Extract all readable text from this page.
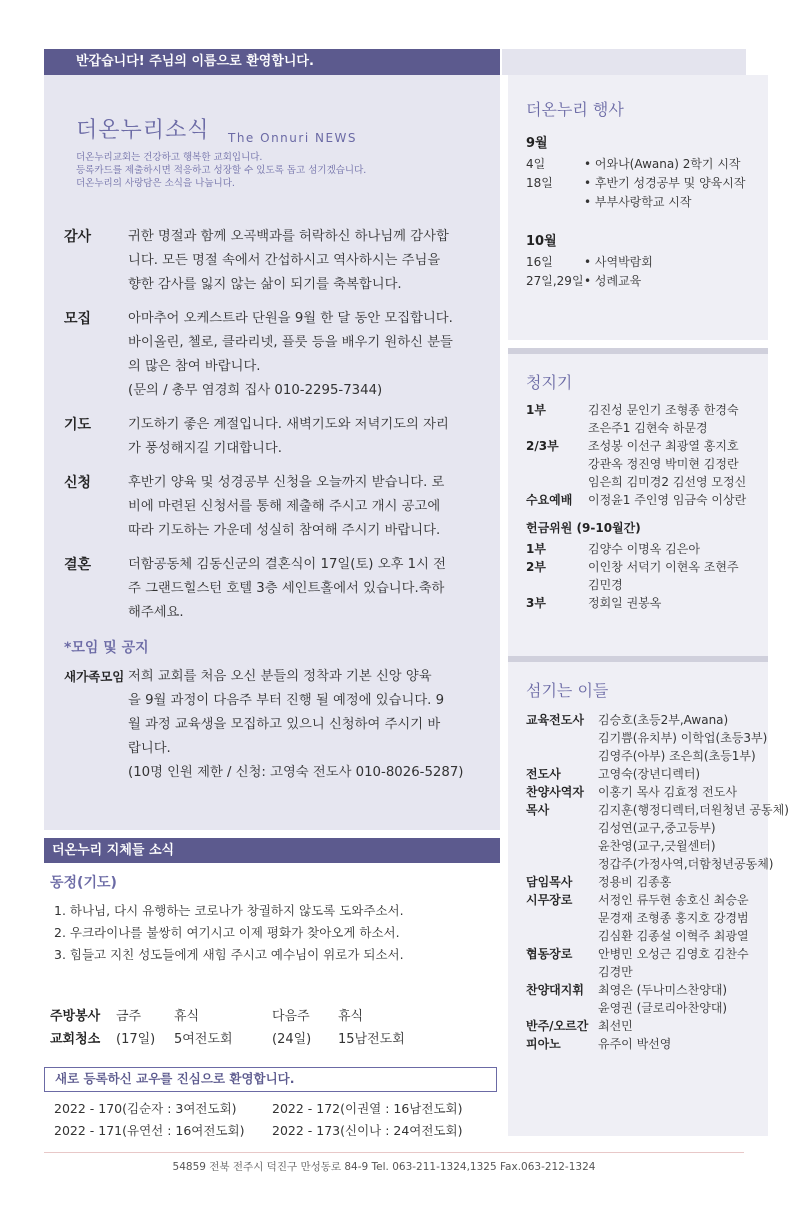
반갑습니다! 주님의 이름으로 환영합니다.
더온누리소식 The Onnuri NEWS
더온누리교회는 건강하고 행복한 교회입니다.
등록카드를 제출하시면 적응하고 성장할 수 있도록 돕고 섬기겠습니다.
더온누리의 사랑담은 소식을 나눕니다.
감사	귀한 명절과 함께 오곡백과를 허락하신 하나님께 감사합
니다. 모든 명절 속에서 간섭하시고 역사하시는 주님을
향한 감사를 잃지 않는 삶이 되기를 축복합니다.
모집	아마추어 오케스트라 단원을 9월 한 달 동안 모집합니다.
바이올린, 첼로, 클라리넷, 플룻 등을 배우기 원하신 분들
의 많은 참여 바랍니다.
(문의 / 총무 염경희 집사 010-2295-7344)
기도	기도하기 좋은 계절입니다. 새벽기도와 저녁기도의 자리
가 풍성해지길 기대합니다.
신청	후반기 양육 및 성경공부 신청을 오늘까지 받습니다. 로
비에 마련된 신청서를 통해 제출해 주시고 개시 공고에
따라 기도하는 가운데 성실히 참여해 주시기 바랍니다.
결혼	더함공동체 김동신군의 결혼식이 17일(토) 오후 1시 전
주 그랜드힐스턴 호텔 3층 세인트홀에서 있습니다.축하
해주세요.
*모임 및 공지
새가족모임 저희 교회를 처음 오신 분들의 정착과 기본 신앙 양육
을 9월 과정이 다음주 부터 진행 될 예정에 있습니다. 9
월 과정 교육생을 모집하고 있으니 신청하여 주시기 바
랍니다.
(10명 인원 제한 / 신청: 고영숙 전도사 010-8026-5287)
더온누리 지체들 소식
동정(기도)
1. 하나님, 다시 유행하는 코로나가 창궐하지 않도록 도와주소서.
2. 우크라이나를 불쌍히 여기시고 이제 평화가 찾아오게 하소서.
3. 힘들고 지친 성도들에게 새힘 주시고 예수님이 위로가 되소서.
주방봉사	금주	휴식	다음주	휴식
교회청소	(17일)	5여전도회	(24일)	15남전도회
새로 등록하신 교우를 진심으로 환영합니다.
2022 - 170(김순자 : 3여전도회)	2022 - 172(이권열 : 16남전도회)
2022 - 171(유연선 : 16여전도회)	2022 - 173(신이나 : 24여전도회)
54859 전북 전주시 덕진구 만성동로 84-9 Tel. 063-211-1324,1325 Fax.063-212-1324
더온누리 행사
9월
4일	• 어와나(Awana) 2학기 시작
18일	• 후반기 성경공부 및 양육시작
• 부부사랑학교 시작
10월
16일	• 사역박람회
27일,29일 • 성례교육
청지기
1부	김진성 문인기 조형종 한경숙
조은주1 김현숙 하문경
2/3부	조성봉 이선구 최광열 홍지호
강관옥 정진영 박미현 김정란
임은희 김미경2 김선영 모정신
수요예배	이정윤1 주인영 임금숙 이상란
헌금위원 (9-10월간)
1부	김양수 이명옥 김은아
2부	이인창 서덕기 이현옥 조현주
김민경
3부	정회일 권봉옥
섬기는 이들
교육전도사	김승호(초등2부,Awana)
김기쁨(유치부) 이학업(초등3부)
김영주(아부) 조은희(초등1부)
전도사	고영숙(장년디렉터)
찬양사역자	이홍기 목사 김효정 전도사
목사	김지훈(행정디렉터,더원청년 공동체)
김성연(교구,중고등부)
윤찬영(교구,긋윌센터)
정갑주(가정사역,더함청년공동체)
담임목사	정용비 김종홍
시무장로	서정인 류두현 송호신 최승운
문경재 조형종 홍지호 강경범
김심환 김종설 이혁주 최광열
협동장로	안병민 오성근 김영호 김찬수
김경만
찬양대지휘	최영은 (두나미스찬양대)
윤영권 (글로리아찬양대)
반주/오르간 최선민
피아노	유주이 박선영
